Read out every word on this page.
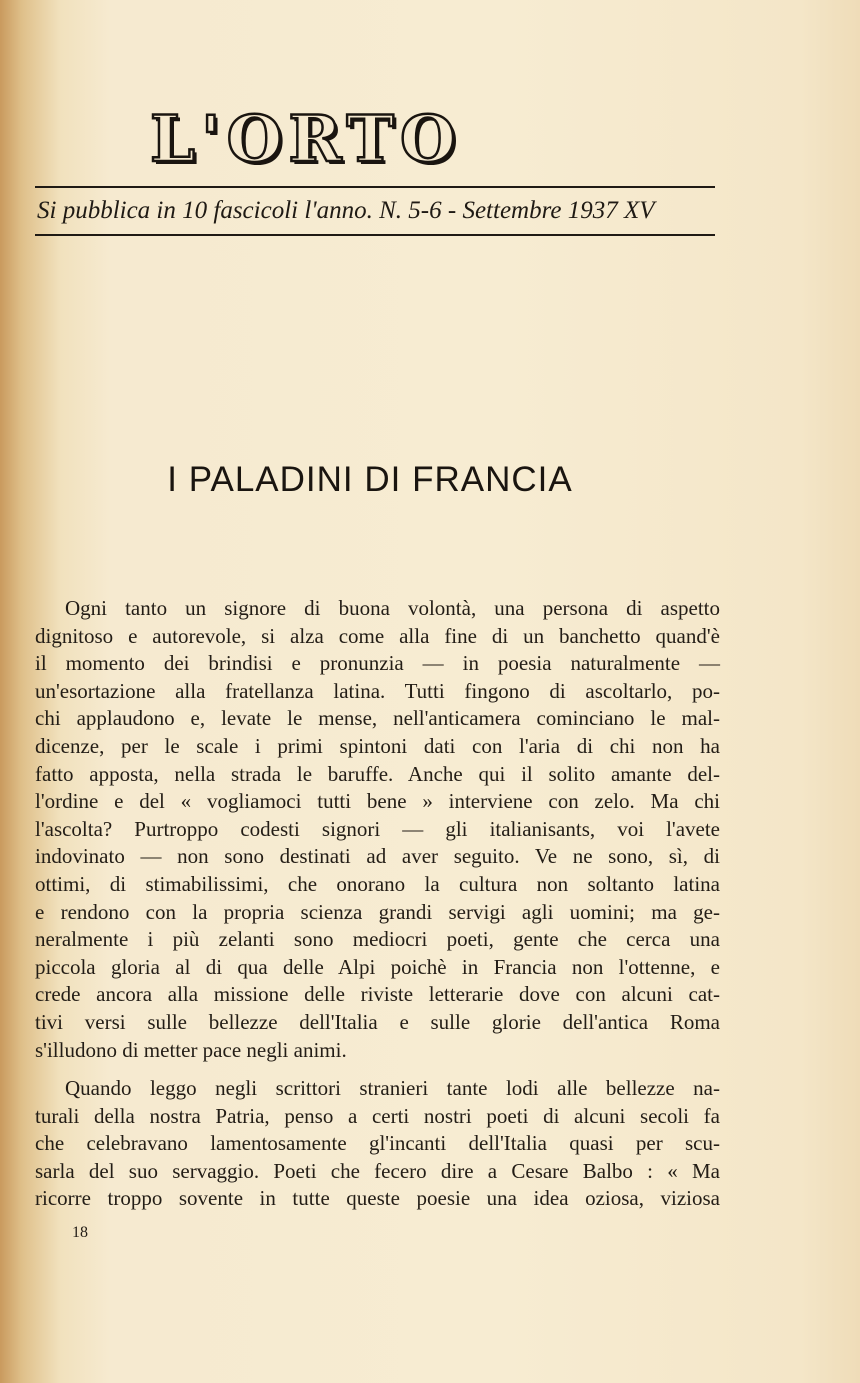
L'ORTO
Si pubblica in 10 fascicoli l'anno. N. 5-6 - Settembre 1937 XV
I PALADINI DI FRANCIA
Ogni tanto un signore di buona volontà, una persona di aspetto
dignitoso e autorevole, si alza come alla fine di un banchetto quand'è
il momento dei brindisi e pronunzia — in poesia naturalmente —
un'esortazione alla fratellanza latina. Tutti fingono di ascoltarlo, po-
chi applaudono e, levate le mense, nell'anticamera cominciano le mal-
dicenze, per le scale i primi spintoni dati con l'aria di chi non ha
fatto apposta, nella strada le baruffe. Anche qui il solito amante del-
l'ordine e del « vogliamoci tutti bene » interviene con zelo. Ma chi
l'ascolta? Purtroppo codesti signori — gli italianisants, voi l'avete
indovinato — non sono destinati ad aver seguito. Ve ne sono, sì, di
ottimi, di stimabilissimi, che onorano la cultura non soltanto latina
e rendono con la propria scienza grandi servigi agli uomini; ma ge-
neralmente i più zelanti sono mediocri poeti, gente che cerca una
piccola gloria al di qua delle Alpi poichè in Francia non l'ottenne, e
crede ancora alla missione delle riviste letterarie dove con alcuni cat-
tivi versi sulle bellezze dell'Italia e sulle glorie dell'antica Roma
s'illudono di metter pace negli animi.
Quando leggo negli scrittori stranieri tante lodi alle bellezze na-
turali della nostra Patria, penso a certi nostri poeti di alcuni secoli fa
che celebravano lamentosamente gl'incanti dell'Italia quasi per scu-
sarla del suo servaggio. Poeti che fecero dire a Cesare Balbo : « Ma
ricorre troppo sovente in tutte queste poesie una idea oziosa, viziosa
18
